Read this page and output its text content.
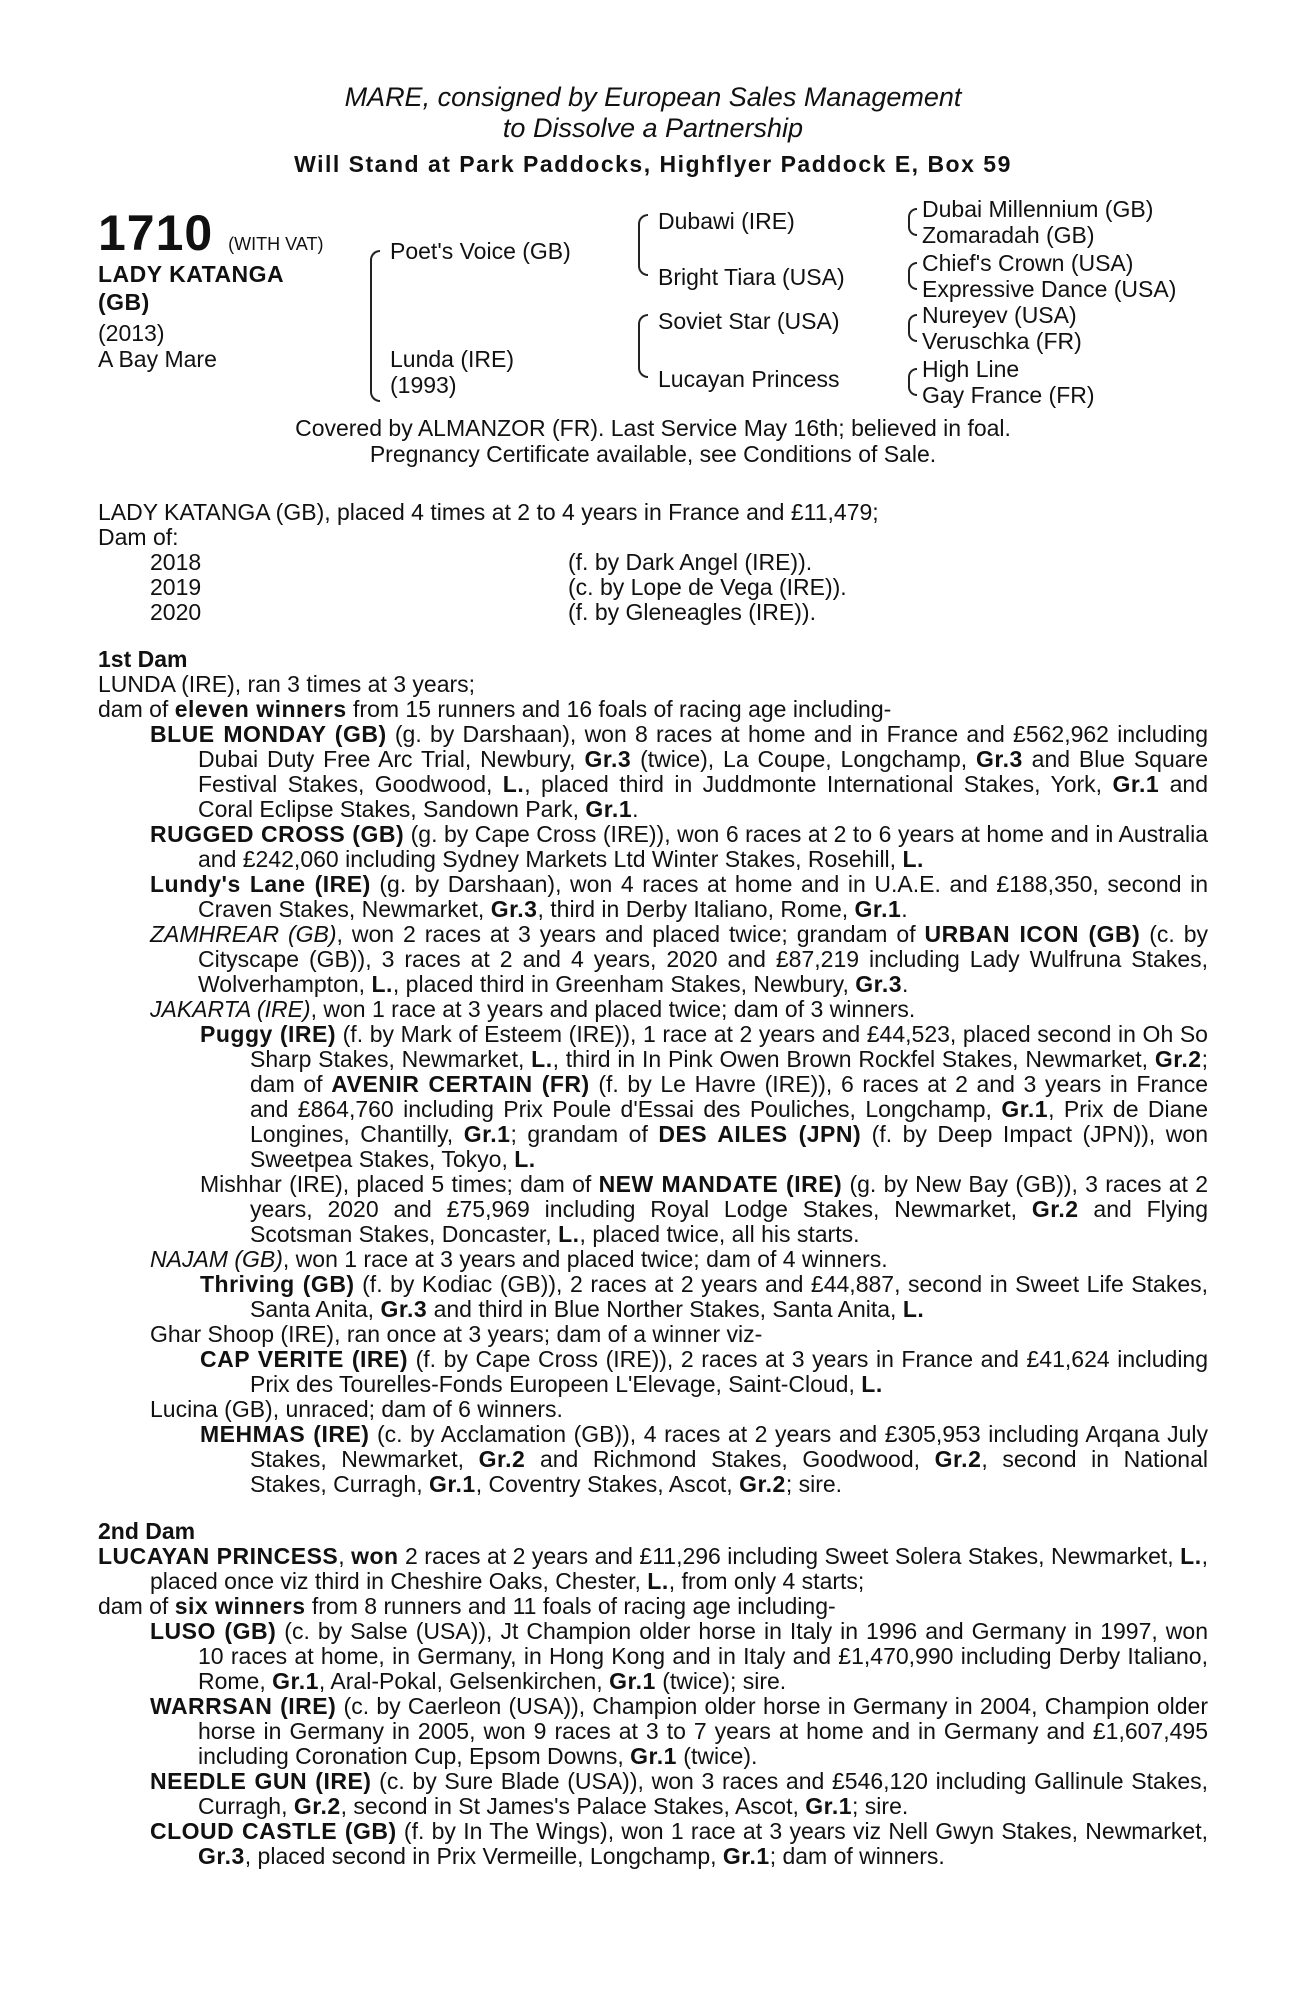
MARE, consigned by European Sales Management
to Dissolve a Partnership
Will Stand at Park Paddocks, Highflyer Paddock E, Box 59
1710 (WITH VAT)
LADY KATANGA
(GB)
(2013)
A Bay Mare
Poet's Voice (GB)
Lunda (IRE)
(1993)
Dubawi (IRE)
Bright Tiara (USA)
Soviet Star (USA)
Lucayan Princess
Dubai Millennium (GB)
Zomaradah (GB)
Chief's Crown (USA)
Expressive Dance (USA)
Nureyev (USA)
Veruschka (FR)
High Line
Gay France (FR)
Covered by ALMANZOR (FR). Last Service May 16th; believed in foal.
Pregnancy Certificate available, see Conditions of Sale.
LADY KATANGA (GB), placed 4 times at 2 to 4 years in France and £11,479;
Dam of:
2018	(f. by Dark Angel (IRE)).
2019	(c. by Lope de Vega (IRE)).
2020	(f. by Gleneagles (IRE)).
1st Dam
LUNDA (IRE), ran 3 times at 3 years;
dam of eleven winners from 15 runners and 16 foals of racing age including-
BLUE MONDAY (GB) (g. by Darshaan), won 8 races at home and in France and £562,962 including Dubai Duty Free Arc Trial, Newbury, Gr.3 (twice), La Coupe, Longchamp, Gr.3 and Blue Square Festival Stakes, Goodwood, L., placed third in Juddmonte International Stakes, York, Gr.1 and Coral Eclipse Stakes, Sandown Park, Gr.1.
RUGGED CROSS (GB) (g. by Cape Cross (IRE)), won 6 races at 2 to 6 years at home and in Australia and £242,060 including Sydney Markets Ltd Winter Stakes, Rosehill, L.
Lundy's Lane (IRE) (g. by Darshaan), won 4 races at home and in U.A.E. and £188,350, second in Craven Stakes, Newmarket, Gr.3, third in Derby Italiano, Rome, Gr.1.
ZAMHREAR (GB), won 2 races at 3 years and placed twice; grandam of URBAN ICON (GB) (c. by Cityscape (GB)), 3 races at 2 and 4 years, 2020 and £87,219 including Lady Wulfruna Stakes, Wolverhampton, L., placed third in Greenham Stakes, Newbury, Gr.3.
JAKARTA (IRE), won 1 race at 3 years and placed twice; dam of 3 winners.
Puggy (IRE) (f. by Mark of Esteem (IRE)), 1 race at 2 years and £44,523, placed second in Oh So Sharp Stakes, Newmarket, L., third in In Pink Owen Brown Rockfel Stakes, Newmarket, Gr.2; dam of AVENIR CERTAIN (FR) (f. by Le Havre (IRE)), 6 races at 2 and 3 years in France and £864,760 including Prix Poule d'Essai des Pouliches, Longchamp, Gr.1, Prix de Diane Longines, Chantilly, Gr.1; grandam of DES AILES (JPN) (f. by Deep Impact (JPN)), won Sweetpea Stakes, Tokyo, L.
Mishhar (IRE), placed 5 times; dam of NEW MANDATE (IRE) (g. by New Bay (GB)), 3 races at 2 years, 2020 and £75,969 including Royal Lodge Stakes, Newmarket, Gr.2 and Flying Scotsman Stakes, Doncaster, L., placed twice, all his starts.
NAJAM (GB), won 1 race at 3 years and placed twice; dam of 4 winners.
Thriving (GB) (f. by Kodiac (GB)), 2 races at 2 years and £44,887, second in Sweet Life Stakes, Santa Anita, Gr.3 and third in Blue Norther Stakes, Santa Anita, L.
Ghar Shoop (IRE), ran once at 3 years; dam of a winner viz-
CAP VERITE (IRE) (f. by Cape Cross (IRE)), 2 races at 3 years in France and £41,624 including Prix des Tourelles-Fonds Europeen L'Elevage, Saint-Cloud, L.
Lucina (GB), unraced; dam of 6 winners.
MEHMAS (IRE) (c. by Acclamation (GB)), 4 races at 2 years and £305,953 including Arqana July Stakes, Newmarket, Gr.2 and Richmond Stakes, Goodwood, Gr.2, second in National Stakes, Curragh, Gr.1, Coventry Stakes, Ascot, Gr.2; sire.
2nd Dam
LUCAYAN PRINCESS, won 2 races at 2 years and £11,296 including Sweet Solera Stakes, Newmarket, L., placed once viz third in Cheshire Oaks, Chester, L., from only 4 starts;
dam of six winners from 8 runners and 11 foals of racing age including-
LUSO (GB) (c. by Salse (USA)), Jt Champion older horse in Italy in 1996 and Germany in 1997, won 10 races at home, in Germany, in Hong Kong and in Italy and £1,470,990 including Derby Italiano, Rome, Gr.1, Aral-Pokal, Gelsenkirchen, Gr.1 (twice); sire.
WARRSAN (IRE) (c. by Caerleon (USA)), Champion older horse in Germany in 2004, Champion older horse in Germany in 2005, won 9 races at 3 to 7 years at home and in Germany and £1,607,495 including Coronation Cup, Epsom Downs, Gr.1 (twice).
NEEDLE GUN (IRE) (c. by Sure Blade (USA)), won 3 races and £546,120 including Gallinule Stakes, Curragh, Gr.2, second in St James's Palace Stakes, Ascot, Gr.1; sire.
CLOUD CASTLE (GB) (f. by In The Wings), won 1 race at 3 years viz Nell Gwyn Stakes, Newmarket, Gr.3, placed second in Prix Vermeille, Longchamp, Gr.1; dam of winners.
